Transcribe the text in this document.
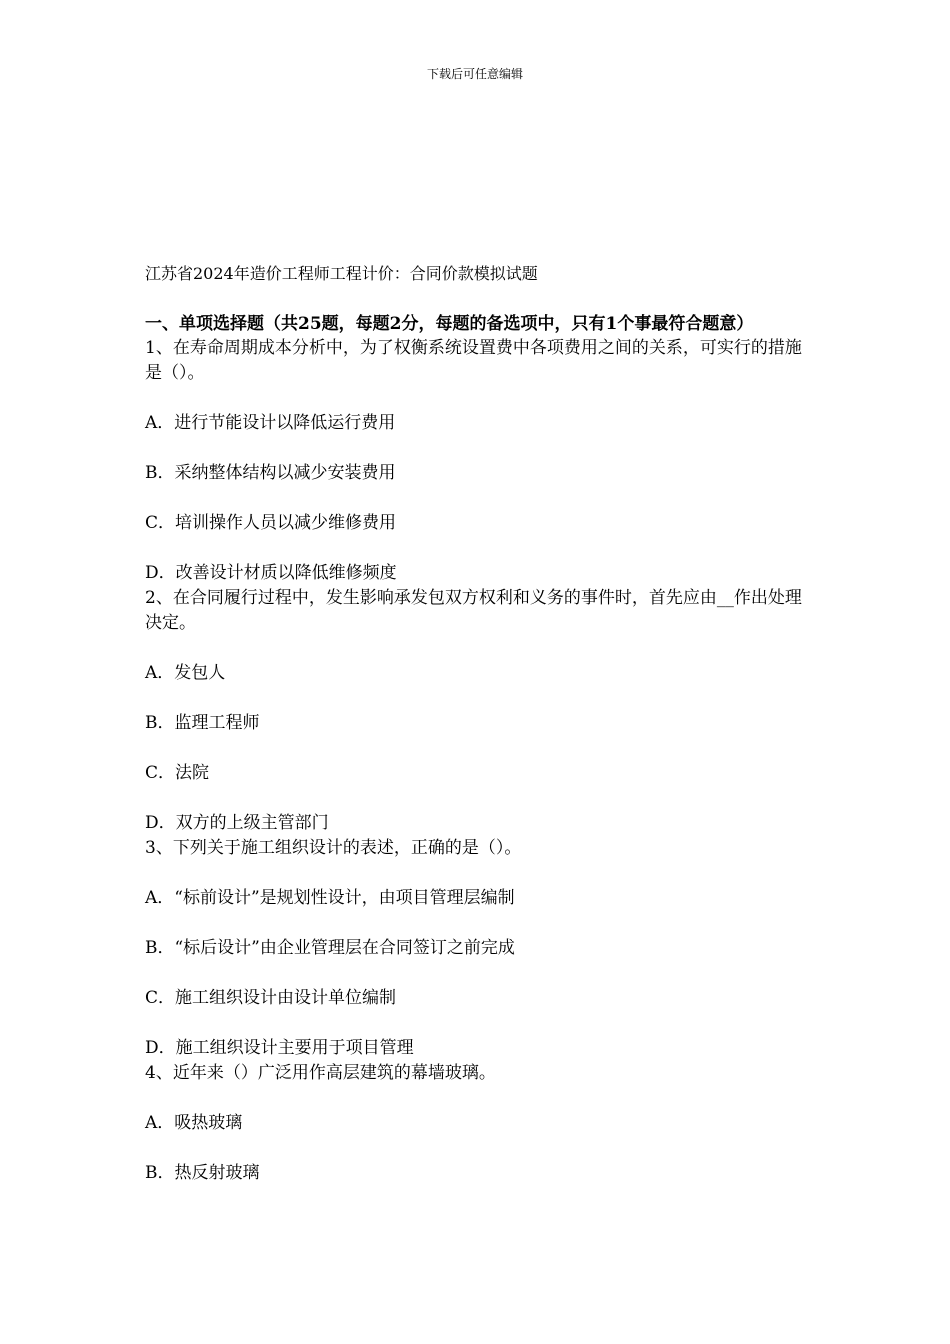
下载后可任意编辑
江苏省2024年造价工程师工程计价：合同价款模拟试题
一、单项选择题（共25题，每题2分，每题的备选项中，只有1个事最符合题意）
1、在寿命周期成本分析中，为了权衡系统设置费中各项费用之间的关系，可实行的措施是（）。
A．进行节能设计以降低运行费用
B．采纳整体结构以减少安装费用
C．培训操作人员以减少维修费用
D．改善设计材质以降低维修频度
2、在合同履行过程中，发生影响承发包双方权利和义务的事件时，首先应由__作出处理决定。
A．发包人
B．监理工程师
C．法院
D．双方的上级主管部门
3、下列关于施工组织设计的表述，正确的是（）。
A．“标前设计”是规划性设计，由项目管理层编制
B．“标后设计”由企业管理层在合同签订之前完成
C．施工组织设计由设计单位编制
D．施工组织设计主要用于项目管理
4、近年来（）广泛用作高层建筑的幕墙玻璃。
A．吸热玻璃
B．热反射玻璃
